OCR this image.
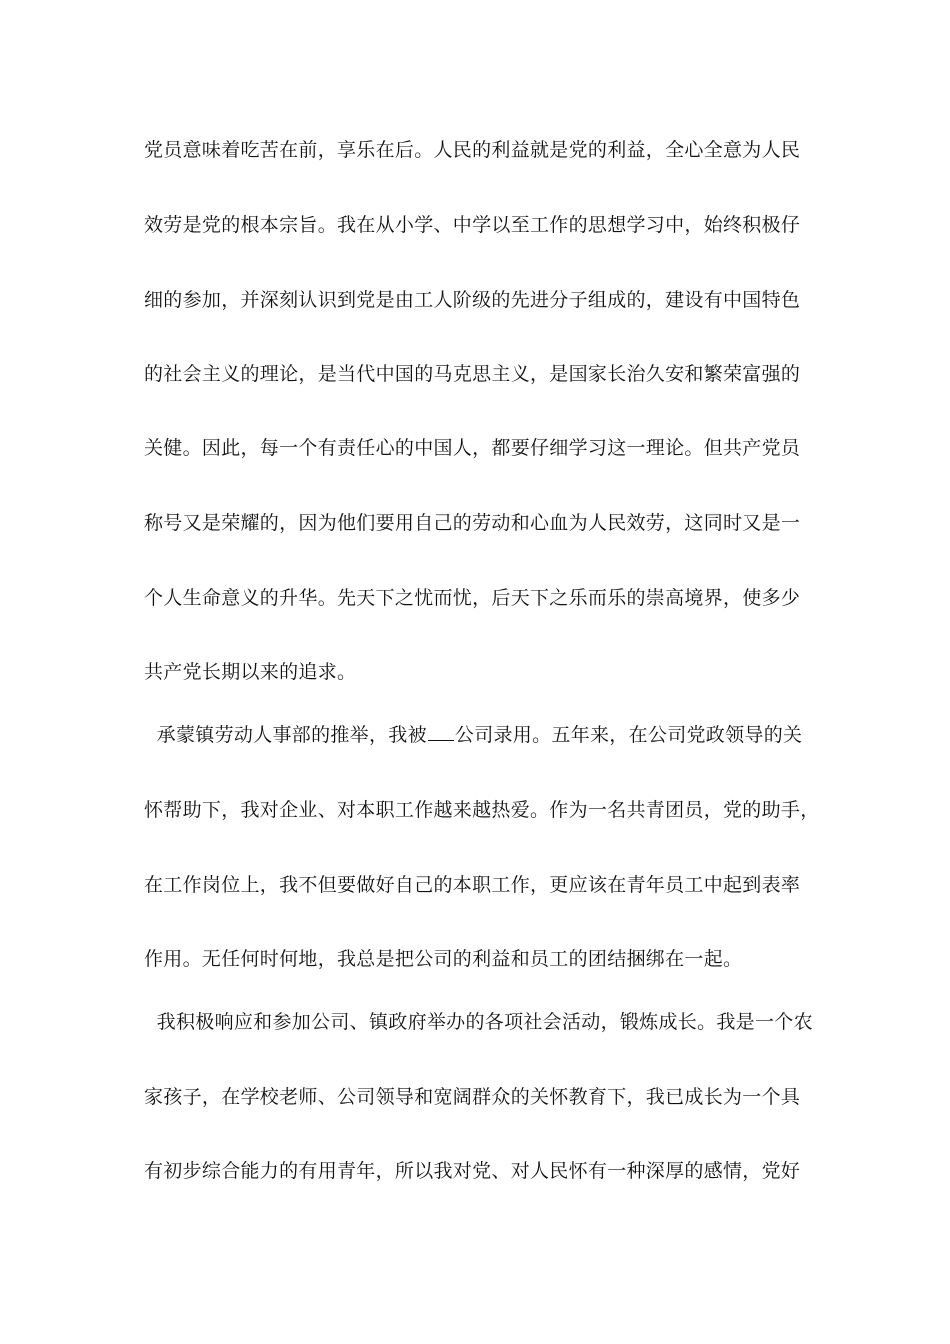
党员意味着吃苦在前，享乐在后。人民的利益就是党的利益，全心全意为人民
效劳是党的根本宗旨。我在从小学、中学以至工作的思想学习中，始终积极仔
细的参加，并深刻认识到党是由工人阶级的先进分子组成的，建设有中国特色
的社会主义的理论，是当代中国的马克思主义，是国家长治久安和繁荣富强的
关健。因此，每一个有责任心的中国人，都要仔细学习这一理论。但共产党员
称号又是荣耀的，因为他们要用自己的劳动和心血为人民效劳，这同时又是一
个人生命意义的升华。先天下之忧而忧，后天下之乐而乐的崇高境界，使多少
共产党长期以来的追求。
承蒙镇劳动人事部的推举，我被 公司录用。五年来，在公司党政领导的关
怀帮助下，我对企业、对本职工作越来越热爱。作为一名共青团员，党的助手，
在工作岗位上，我不但要做好自己的本职工作，更应该在青年员工中起到表率
作用。无任何时何地，我总是把公司的利益和员工的团结捆绑在一起。
我积极响应和参加公司、镇政府举办的各项社会活动，锻炼成长。我是一个农
家孩子，在学校老师、公司领导和宽阔群众的关怀教育下，我已成长为一个具
有初步综合能力的有用青年，所以我对党、对人民怀有一种深厚的感情，党好
